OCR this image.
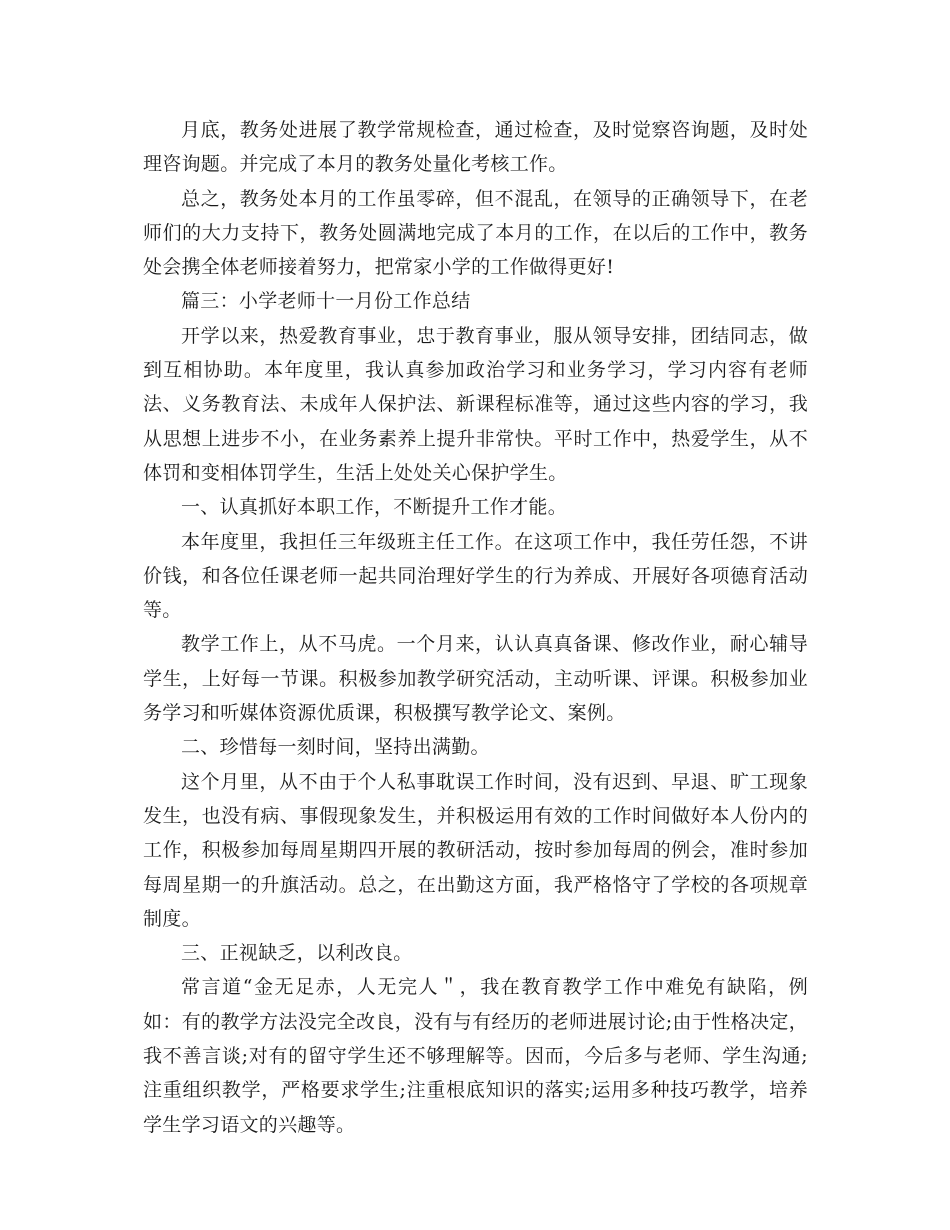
月底，教务处进展了教学常规检查，通过检查，及时觉察咨询题，及时处理咨询题。并完成了本月的教务处量化考核工作。

总之，教务处本月的工作虽零碎，但不混乱，在领导的正确领导下，在老师们的大力支持下，教务处圆满地完成了本月的工作，在以后的工作中，教务处会携全体老师接着努力，把常家小学的工作做得更好!

篇三：小学老师十一月份工作总结

开学以来，热爱教育事业，忠于教育事业，服从领导安排，团结同志，做到互相协助。本年度里，我认真参加政治学习和业务学习，学习内容有老师法、义务教育法、未成年人保护法、新课程标准等，通过这些内容的学习，我从思想上进步不小，在业务素养上提升非常快。平时工作中，热爱学生，从不体罚和变相体罚学生，生活上处处关心保护学生。

一、认真抓好本职工作，不断提升工作才能。

本年度里，我担任三年级班主任工作。在这项工作中，我任劳任怨，不讲价钱，和各位任课老师一起共同治理好学生的行为养成、开展好各项德育活动等。

教学工作上，从不马虎。一个月来，认认真真备课、修改作业，耐心辅导学生，上好每一节课。积极参加教学研究活动，主动听课、评课。积极参加业务学习和听媒体资源优质课，积极撰写教学论文、案例。

二、珍惜每一刻时间，坚持出满勤。

这个月里，从不由于个人私事耽误工作时间，没有迟到、早退、旷工现象发生，也没有病、事假现象发生，并积极运用有效的工作时间做好本人份内的工作，积极参加每周星期四开展的教研活动，按时参加每周的例会，准时参加每周星期一的升旗活动。总之，在出勤这方面，我严格恪守了学校的各项规章制度。

三、正视缺乏，以利改良。

常言道“金无足赤，人无完人＂，我在教育教学工作中难免有缺陷，例如：有的教学方法没完全改良，没有与有经历的老师进展讨论;由于性格决定，我不善言谈;对有的留守学生还不够理解等。因而，今后多与老师、学生沟通;注重组织教学，严格要求学生;注重根底知识的落实;运用多种技巧教学，培养学生学习语文的兴趣等。
